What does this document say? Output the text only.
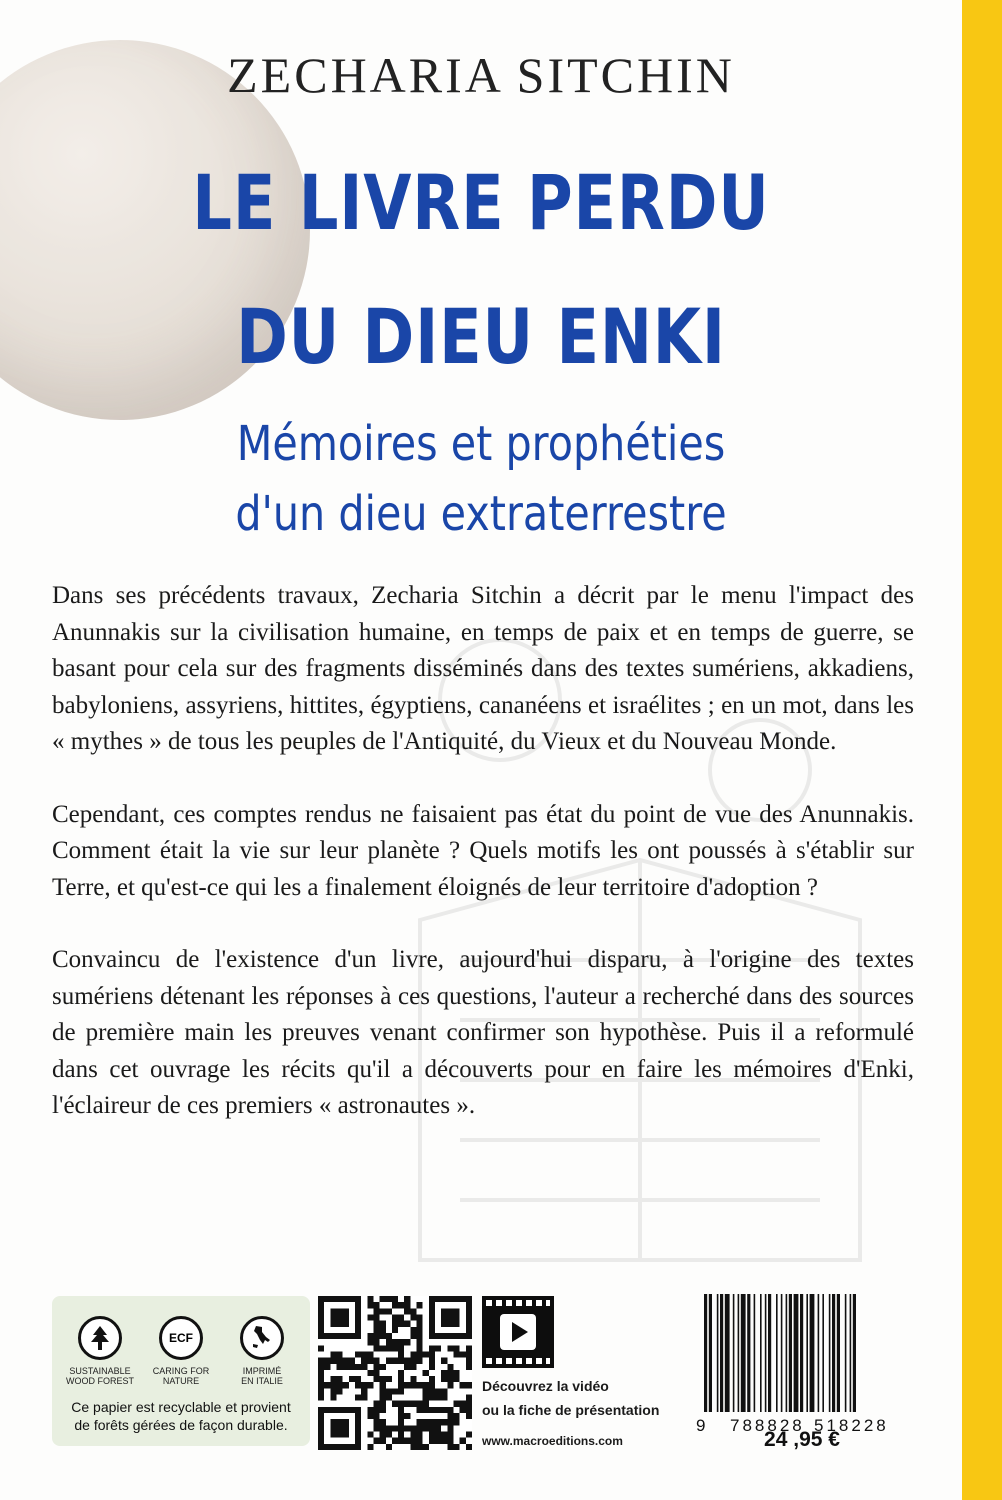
ZECHARIA SITCHIN
LE LIVRE PERDU
DU DIEU ENKI
Mémoires et prophéties
d'un dieu extraterrestre

Dans ses précédents travaux, Zecharia Sitchin a décrit par le menu l'impact des Anunnakis sur la civilisation humaine, en temps de paix et en temps de guerre, se basant pour cela sur des fragments disséminés dans des textes sumériens, akkadiens, babyloniens, assyriens, hittites, égyptiens, cananéens et israélites ; en un mot, dans les « mythes » de tous les peuples de l'Antiquité, du Vieux et du Nouveau Monde.

Cependant, ces comptes rendus ne faisaient pas état du point de vue des Anunnakis. Comment était la vie sur leur planète ? Quels motifs les ont poussés à s'établir sur Terre, et qu'est-ce qui les a finalement éloignés de leur territoire d'adoption ?

Convaincu de l'existence d'un livre, aujourd'hui disparu, à l'origine des textes sumériens détenant les réponses à ces questions, l'auteur a recherché dans des sources de première main les preuves venant confirmer son hypothèse. Puis il a reformulé dans cet ouvrage les récits qu'il a découverts pour en faire les mémoires d'Enki, l'éclaireur de ces premiers « astronautes ».

SUSTAINABLE
WOOD FOREST
ECF
CARING FOR
NATURE
IMPRIMÉ
EN ITALIE
Ce papier est recyclable et provient
de forêts gérées de façon durable.
Découvrez la vidéo
ou la fiche de présentation
www.macroeditions.com
9 788828 518228
24 ,95 €
